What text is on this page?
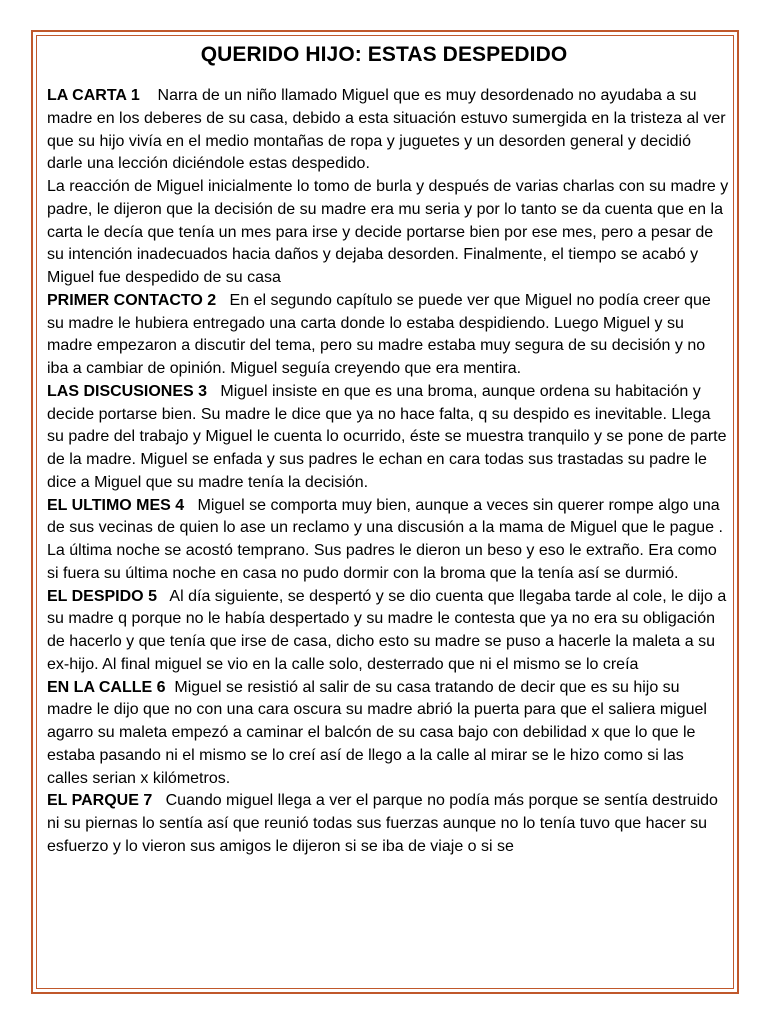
QUERIDO HIJO: ESTAS DESPEDIDO

LA CARTA 1 Narra de un niño llamado Miguel que es muy desordenado no ayudaba a su madre en los deberes de su casa, debido a esta situación estuvo sumergida en la tristeza al ver que su hijo vivía en el medio montañas de ropa y juguetes y un desorden general y decidió darle una lección diciéndole estas despedido.

La reacción de Miguel inicialmente lo tomo de burla y después de varias charlas con su madre y padre, le dijeron que la decisión de su madre era mu seria y por lo tanto se da cuenta que en la carta le decía que tenía un mes para irse y decide portarse bien por ese mes, pero a pesar de su intención inadecuados hacia daños y dejaba desorden. Finalmente, el tiempo se acabó y Miguel fue despedido de su casa

PRIMER CONTACTO 2 En el segundo capítulo se puede ver que Miguel no podía creer que su madre le hubiera entregado una carta donde lo estaba despidiendo. Luego Miguel y su madre empezaron a discutir del tema, pero su madre estaba muy segura de su decisión y no iba a cambiar de opinión. Miguel seguía creyendo que era mentira.

LAS DISCUSIONES 3 Miguel insiste en que es una broma, aunque ordena su habitación y decide portarse bien. Su madre le dice que ya no hace falta, q su despido es inevitable. Llega su padre del trabajo y Miguel le cuenta lo ocurrido, éste se muestra tranquilo y se pone de parte de la madre. Miguel se enfada y sus padres le echan en cara todas sus trastadas su padre le dice a Miguel que su madre tenía la decisión.

EL ULTIMO MES 4 Miguel se comporta muy bien, aunque a veces sin querer rompe algo una de sus vecinas de quien lo ase un reclamo y una discusión a la mama de Miguel que le pague . La última noche se acostó temprano. Sus padres le dieron un beso y eso le extraño. Era como si fuera su última noche en casa no pudo dormir con la broma que la tenía así se durmió.

EL DESPIDO 5 Al día siguiente, se despertó y se dio cuenta que llegaba tarde al cole, le dijo a su madre q porque no le había despertado y su madre le contesta que ya no era su obligación de hacerlo y que tenía que irse de casa, dicho esto su madre se puso a hacerle la maleta a su ex-hijo. Al final miguel se vio en la calle solo, desterrado que ni el mismo se lo creía

EN LA CALLE 6 Miguel se resistió al salir de su casa tratando de decir que es su hijo su madre le dijo que no con una cara oscura su madre abrió la puerta para que el saliera miguel agarro su maleta empezó a caminar el balcón de su casa bajo con debilidad x que lo que le estaba pasando ni el mismo se lo creí así de llego a la calle al mirar se le hizo como si las calles serian x kilómetros.

EL PARQUE 7 Cuando miguel llega a ver el parque no podía más porque se sentía destruido ni su piernas lo sentía así que reunió todas sus fuerzas aunque no lo tenía tuvo que hacer su esfuerzo y lo vieron sus amigos le dijeron si se iba de viaje o si se
